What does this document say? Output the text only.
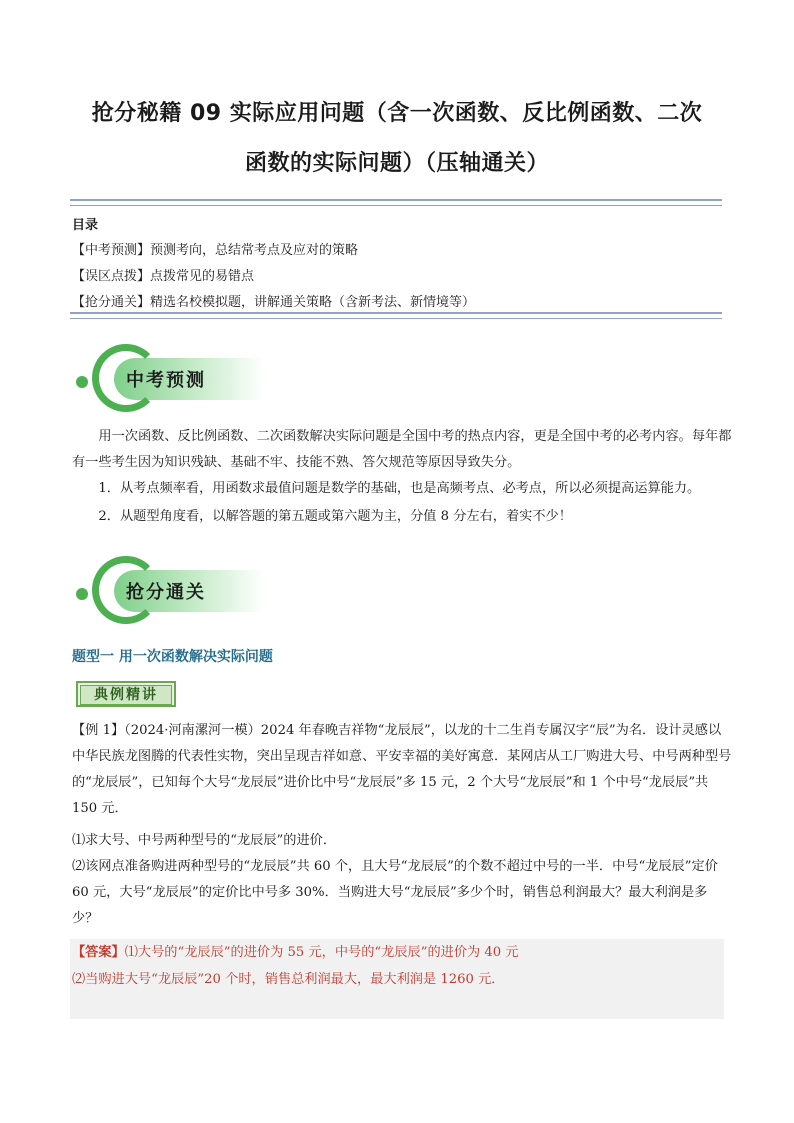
抢分秘籍 09 实际应用问题（含一次函数、反比例函数、二次
函数的实际问题）（压轴通关）
目录
【中考预测】预测考向，总结常考点及应对的策略
【误区点拨】点拨常见的易错点
【抢分通关】精选名校模拟题，讲解通关策略（含新考法、新情境等）
中考预测
用一次函数、反比例函数、二次函数解决实际问题是全国中考的热点内容，更是全国中考的必考内容。每年都有一些考生因为知识残缺、基础不牢、技能不熟、答欠规范等原因导致失分。
1．从考点频率看，用函数求最值问题是数学的基础，也是高频考点、必考点，所以必须提高运算能力。
2．从题型角度看，以解答题的第五题或第六题为主，分值 8 分左右，着实不少！
抢分通关
题型一 用一次函数解决实际问题
典例精讲
【例 1】（2024·河南漯河一模）2024 年春晚吉祥物“龙辰辰”，以龙的十二生肖专属汉字“辰”为名．设计灵感以中华民族龙图腾的代表性实物，突出呈现吉祥如意、平安幸福的美好寓意．某网店从工厂购进大号、中号两种型号的“龙辰辰”，已知每个大号“龙辰辰”进价比中号“龙辰辰”多 15 元，2 个大号“龙辰辰”和 1 个中号“龙辰辰”共 150 元．
⑴求大号、中号两种型号的“龙辰辰”的进价．
⑵该网点准备购进两种型号的“龙辰辰”共 60 个，且大号“龙辰辰”的个数不超过中号的一半．中号“龙辰辰”定价 60 元，大号“龙辰辰”的定价比中号多 30%．当购进大号“龙辰辰”多少个时，销售总利润最大？最大利润是多少？
【答案】⑴大号的“龙辰辰”的进价为 55 元，中号的“龙辰辰”的进价为 40 元
⑵当购进大号“龙辰辰”20 个时，销售总利润最大，最大利润是 1260 元．
